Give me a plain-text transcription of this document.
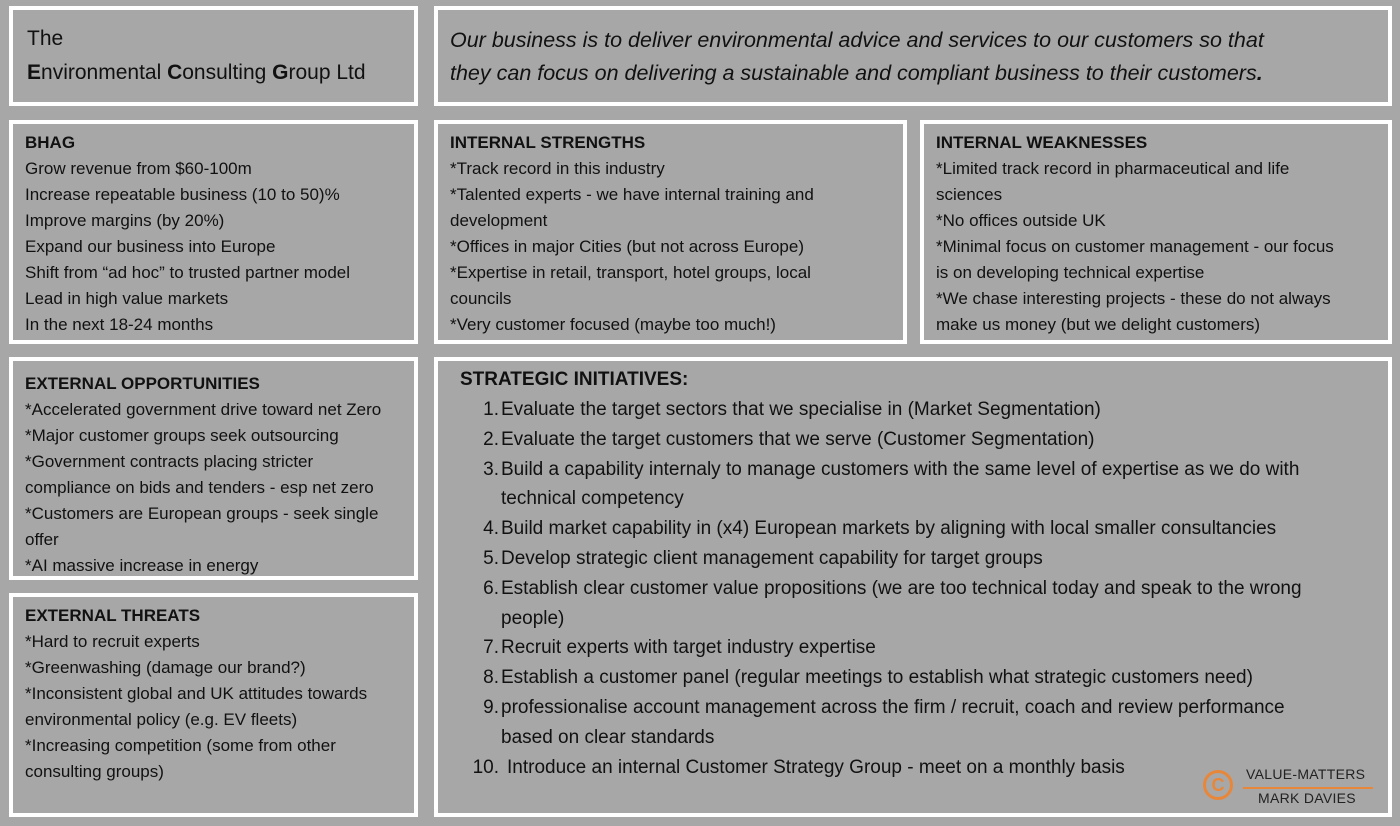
The
Environmental Consulting Group Ltd
Our business is to deliver environmental advice and services to our customers so that
they can focus on delivering a sustainable and compliant business to their customers.
BHAG
Grow revenue from $60-100m
Increase repeatable business (10 to 50)%
Improve margins (by 20%)
Expand our business into Europe
Shift from “ad hoc” to trusted partner model
Lead in high value markets
In the next 18-24 months
INTERNAL STRENGTHS
*Track record in this industry
*Talented experts - we have internal training and
development
*Offices in major Cities (but not across Europe)
*Expertise in retail, transport, hotel groups, local
councils
*Very customer focused (maybe too much!)
INTERNAL WEAKNESSES
*Limited track record in pharmaceutical and life
sciences
*No offices outside UK
*Minimal focus on customer management - our focus
is on developing technical expertise
*We chase interesting projects - these do not always
make us money (but we delight customers)
EXTERNAL OPPORTUNITIES
*Accelerated government drive toward net Zero
*Major customer groups seek outsourcing
*Government contracts placing stricter
compliance on bids and tenders - esp net zero
*Customers are European groups - seek single
offer
*AI massive increase in energy
EXTERNAL THREATS
*Hard to recruit experts
*Greenwashing (damage our brand?)
*Inconsistent global and UK attitudes towards
environmental policy (e.g. EV fleets)
*Increasing competition (some from other
consulting groups)
STRATEGIC INITIATIVES:
1. Evaluate the target sectors that we specialise in (Market Segmentation)
2. Evaluate the target customers that we serve (Customer Segmentation)
3. Build a capability internaly to manage customers with the same level of expertise as we do with
technical competency
4. Build market capability in (x4) European markets by aligning with local smaller consultancies
5. Develop strategic client management capability for target groups
6. Establish clear customer value propositions (we are too technical today and speak to the wrong
people)
7. Recruit experts with target industry expertise
8. Establish a customer panel (regular meetings to establish what strategic customers need)
9. professionalise account management across the firm / recruit, coach and review performance
based on clear standards
10. Introduce an internal Customer Strategy Group - meet on a monthly basis
C
VALUE-MATTERS
MARK DAVIES
